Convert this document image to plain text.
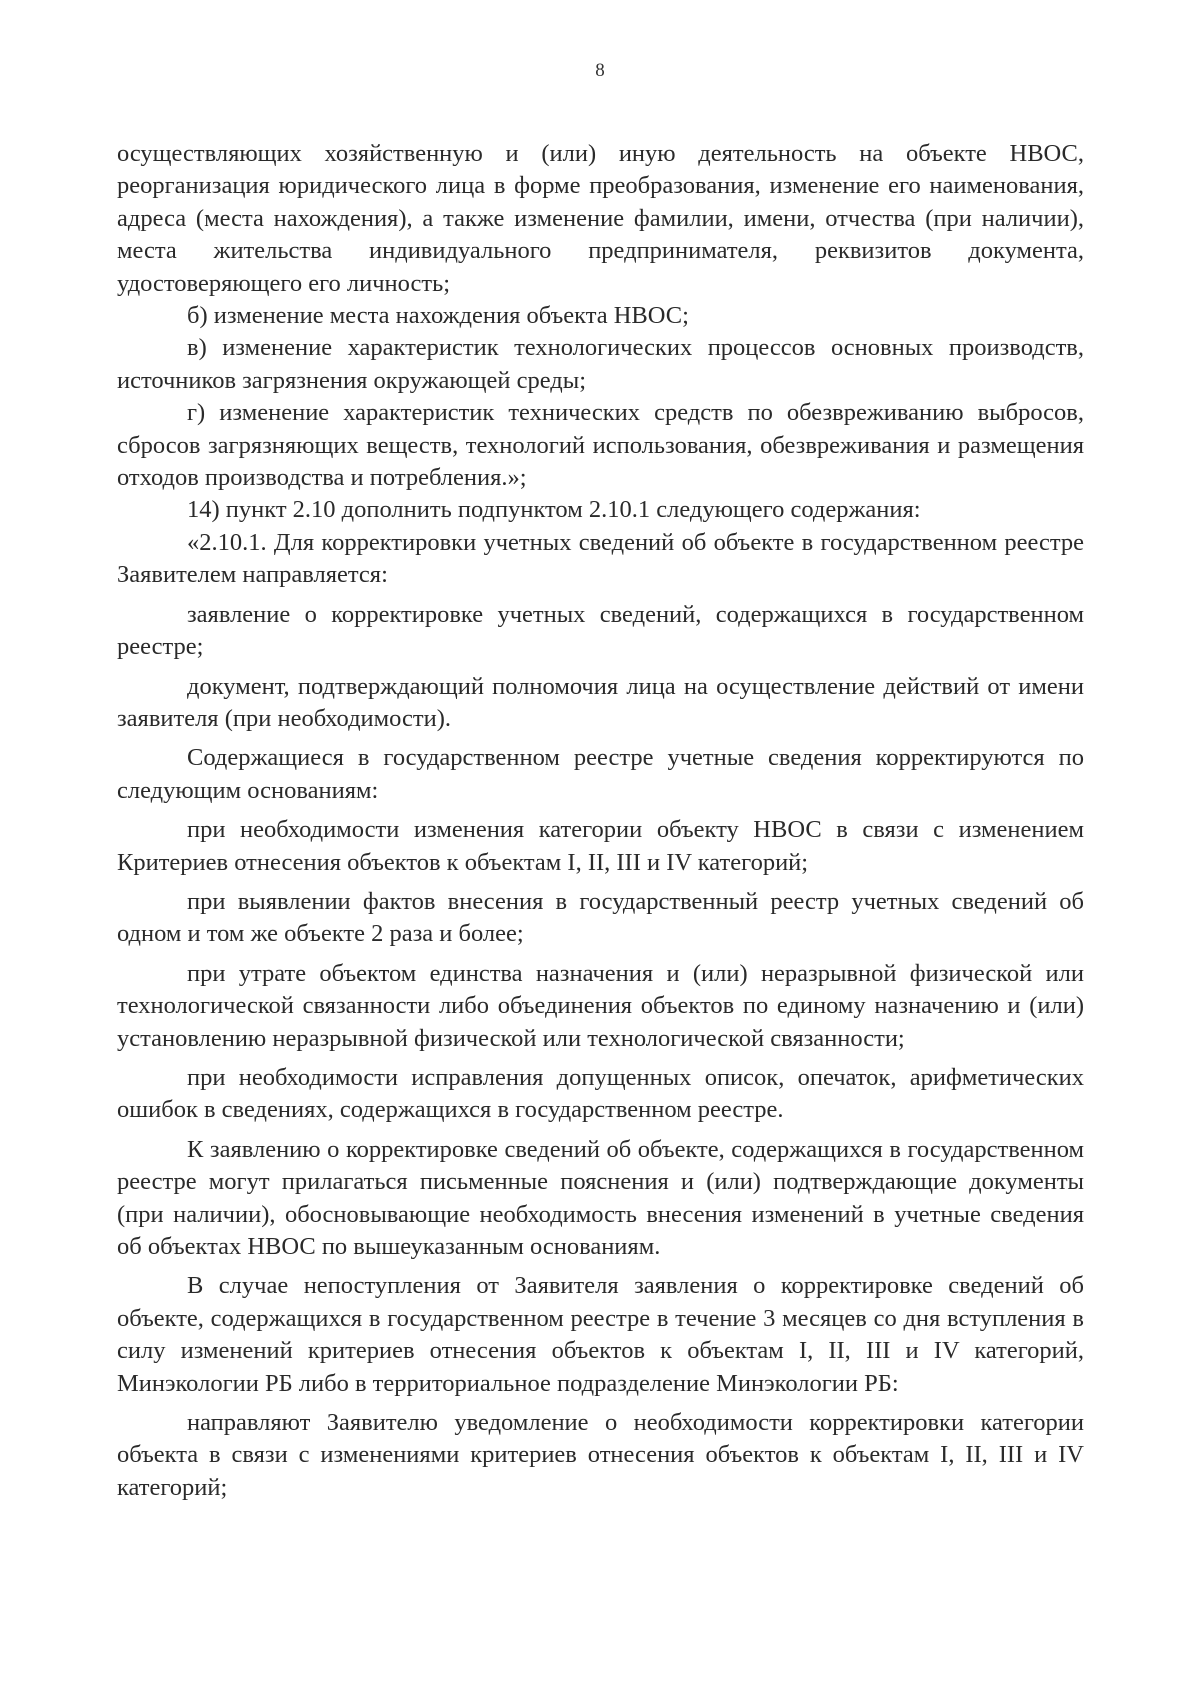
8

осуществляющих хозяйственную и (или) иную деятельность на объекте НВОС, реорганизация юридического лица в форме преобразования, изменение его наименования, адреса (места нахождения), а также изменение фамилии, имени, отчества (при наличии), места жительства индивидуального предпринимателя, реквизитов документа, удостоверяющего его личность;

б) изменение места нахождения объекта НВОС;

в) изменение характеристик технологических процессов основных производств, источников загрязнения окружающей среды;

г) изменение характеристик технических средств по обезвреживанию выбросов, сбросов загрязняющих веществ, технологий использования, обезвреживания и размещения отходов производства и потребления.»;

14) пункт 2.10 дополнить подпунктом 2.10.1 следующего содержания:

«2.10.1. Для корректировки учетных сведений об объекте в государственном реестре Заявителем направляется:

заявление о корректировке учетных сведений, содержащихся в государственном реестре;

документ, подтверждающий полномочия лица на осуществление действий от имени заявителя (при необходимости).

Содержащиеся в государственном реестре учетные сведения корректируются по следующим основаниям:

при необходимости изменения категории объекту НВОС в связи с изменением Критериев отнесения объектов к объектам I, II, III и IV категорий;

при выявлении фактов внесения в государственный реестр учетных сведений об одном и том же объекте 2 раза и более;

при утрате объектом единства назначения и (или) неразрывной физической или технологической связанности либо объединения объектов по единому назначению и (или) установлению неразрывной физической или технологической связанности;

при необходимости исправления допущенных описок, опечаток, арифметических ошибок в сведениях, содержащихся в государственном реестре.

К заявлению о корректировке сведений об объекте, содержащихся в государственном реестре могут прилагаться письменные пояснения и (или) подтверждающие документы (при наличии), обосновывающие необходимость внесения изменений в учетные сведения об объектах НВОС по вышеуказанным основаниям.

В случае непоступления от Заявителя заявления о корректировке сведений об объекте, содержащихся в государственном реестре в течение 3 месяцев со дня вступления в силу изменений критериев отнесения объектов к объектам I, II, III и IV категорий, Минэкологии РБ либо в территориальное подразделение Минэкологии РБ:

направляют Заявителю уведомление о необходимости корректировки категории объекта в связи с изменениями критериев отнесения объектов к объектам I, II, III и IV категорий;
